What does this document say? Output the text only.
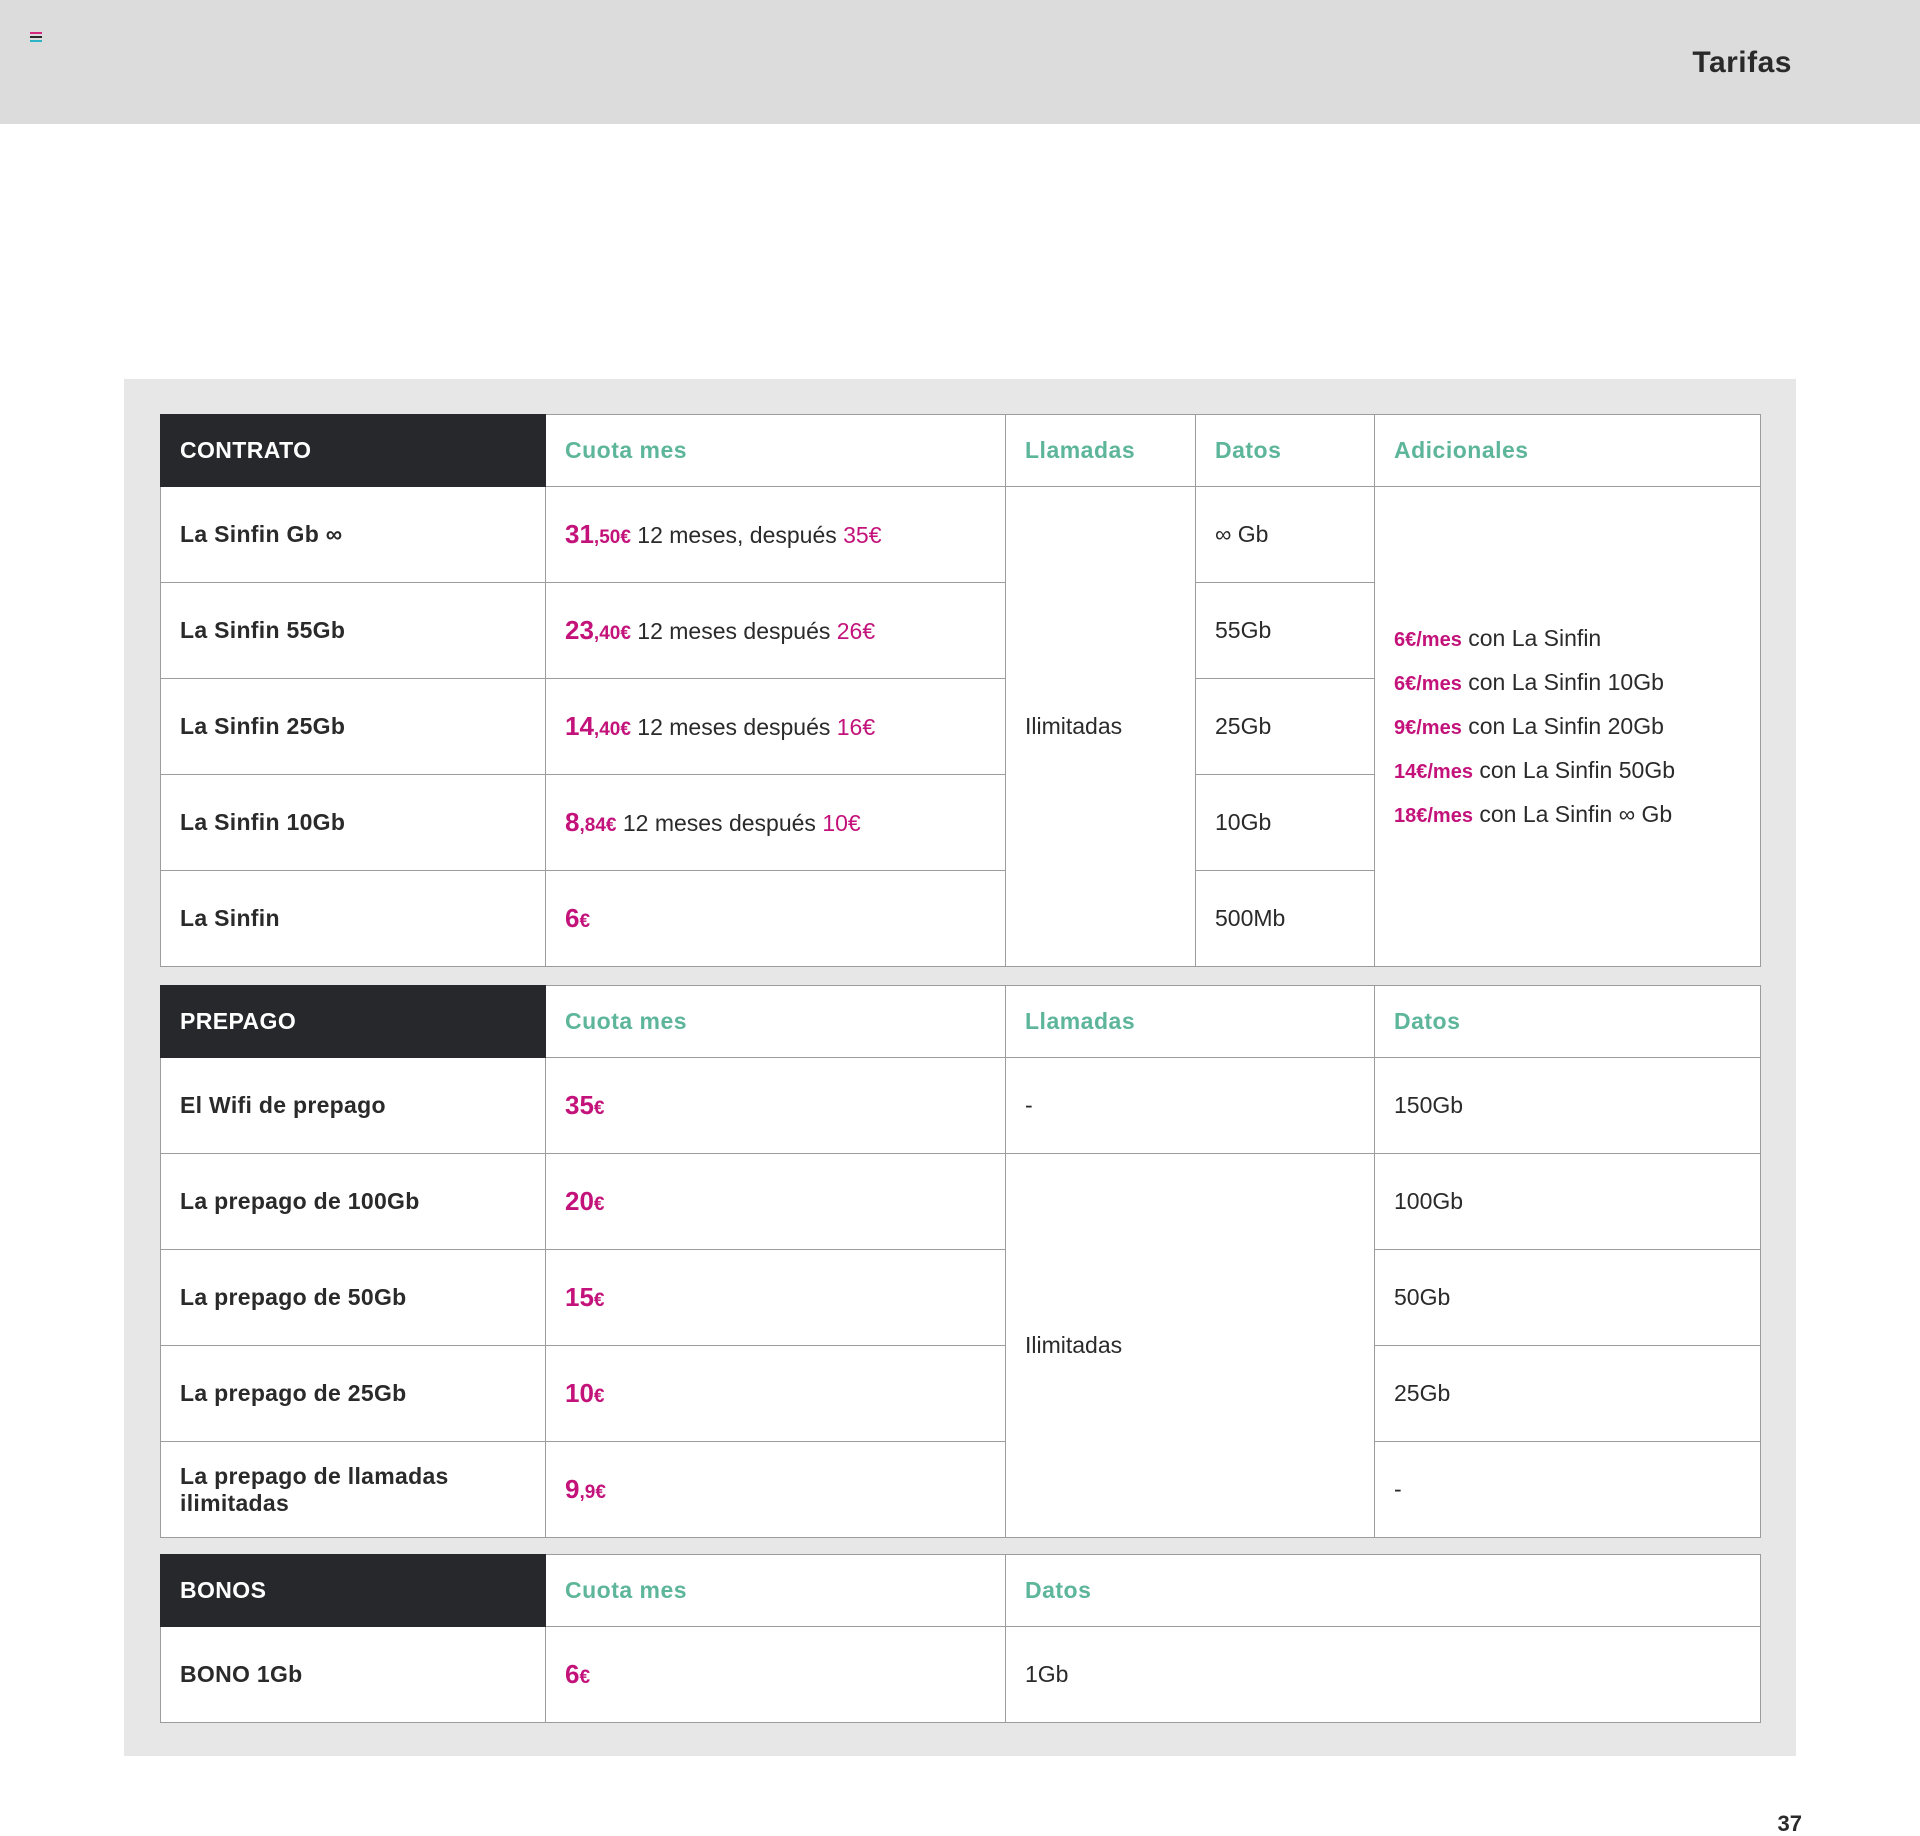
Tarifas
CONTRATO	Cuota mes	Llamadas	Datos	Adicionales
La Sinfin Gb ∞	31,50€ 12 meses, después 35€	Ilimitadas	∞ Gb	6€/mes con La Sinfin
6€/mes con La Sinfin 10Gb
9€/mes con La Sinfin 20Gb
14€/mes con La Sinfin 50Gb
18€/mes con La Sinfin ∞ Gb

La Sinfin 55Gb	23,40€ 12 meses después 26€		55Gb	
La Sinfin 25Gb	14,40€ 12 meses después 16€		25Gb	
La Sinfin 10Gb	8,84€ 12 meses después 10€		10Gb	
La Sinfin	6€		500Mb	
PREPAGO	Cuota mes	Llamadas	Datos
El Wifi de prepago	35€	-	150Gb
La prepago de 100Gb	20€	Ilimitadas	100Gb
La prepago de 50Gb	15€		50Gb
La prepago de 25Gb	10€		25Gb
La prepago de llamadas ilimitadas	9,9€		-
BONOS	Cuota mes	Datos
BONO 1Gb	6€	1Gb
37
